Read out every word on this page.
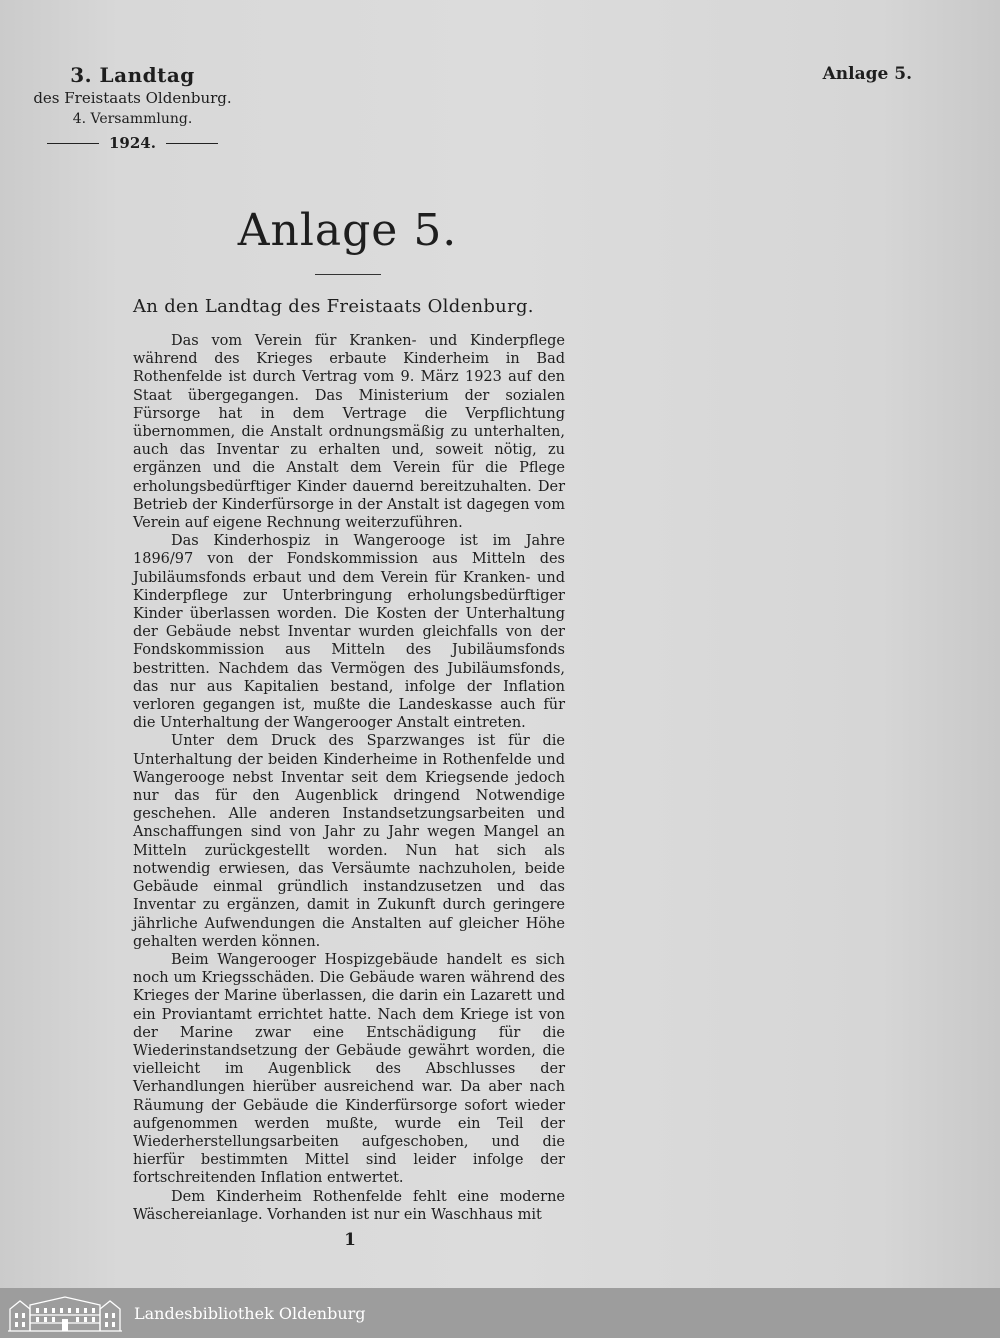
3. Landtag
des Freistaats Oldenburg.
4. Versammlung.
1924.
Anlage 5.
Anlage 5.
An den Landtag des Freistaats Oldenburg.

Das vom Verein für Kranken- und Kinderpflege während des Krieges erbaute Kinderheim in Bad Rothenfelde ist durch Vertrag vom 9. März 1923 auf den Staat übergegangen. Das Ministerium der sozialen Fürsorge hat in dem Vertrage die Verpflichtung übernommen, die Anstalt ordnungsmäßig zu unterhalten, auch das Inventar zu erhalten und, soweit nötig, zu ergänzen und die Anstalt dem Verein für die Pflege erholungsbedürftiger Kinder dauernd bereitzuhalten. Der Betrieb der Kinderfürsorge in der Anstalt ist dagegen vom Verein auf eigene Rechnung weiterzuführen.

Das Kinderhospiz in Wangerooge ist im Jahre 1896/97 von der Fondskommission aus Mitteln des Jubiläumsfonds erbaut und dem Verein für Kranken- und Kinderpflege zur Unterbringung erholungsbedürftiger Kinder überlassen worden. Die Kosten der Unterhaltung der Gebäude nebst Inventar wurden gleichfalls von der Fondskommission aus Mitteln des Jubiläumsfonds bestritten. Nachdem das Vermögen des Jubiläumsfonds, das nur aus Kapitalien bestand, infolge der Inflation verloren gegangen ist, mußte die Landeskasse auch für die Unterhaltung der Wangerooger Anstalt eintreten.

Unter dem Druck des Sparzwanges ist für die Unterhaltung der beiden Kinderheime in Rothenfelde und Wangerooge nebst Inventar seit dem Kriegsende jedoch nur das für den Augenblick dringend Notwendige geschehen. Alle anderen Instandsetzungsarbeiten und Anschaffungen sind von Jahr zu Jahr wegen Mangel an Mitteln zurückgestellt worden. Nun hat sich als notwendig erwiesen, das Versäumte nachzuholen, beide Gebäude einmal gründlich instandzusetzen und das Inventar zu ergänzen, damit in Zukunft durch geringere jährliche Aufwendungen die Anstalten auf gleicher Höhe gehalten werden können.

Beim Wangerooger Hospizgebäude handelt es sich noch um Kriegsschäden. Die Gebäude waren während des Krieges der Marine überlassen, die darin ein Lazarett und ein Proviantamt errichtet hatte. Nach dem Kriege ist von der Marine zwar eine Entschädigung für die Wiederinstandsetzung der Gebäude gewährt worden, die vielleicht im Augenblick des Abschlusses der Verhandlungen hierüber ausreichend war. Da aber nach Räumung der Gebäude die Kinderfürsorge sofort wieder aufgenommen werden mußte, wurde ein Teil der Wiederherstellungsarbeiten aufgeschoben, und die hierfür bestimmten Mittel sind leider infolge der fortschreitenden Inflation entwertet.

Dem Kinderheim Rothenfelde fehlt eine moderne Wäschereianlage. Vorhanden ist nur ein Waschhaus mit

1
Landesbibliothek Oldenburg
